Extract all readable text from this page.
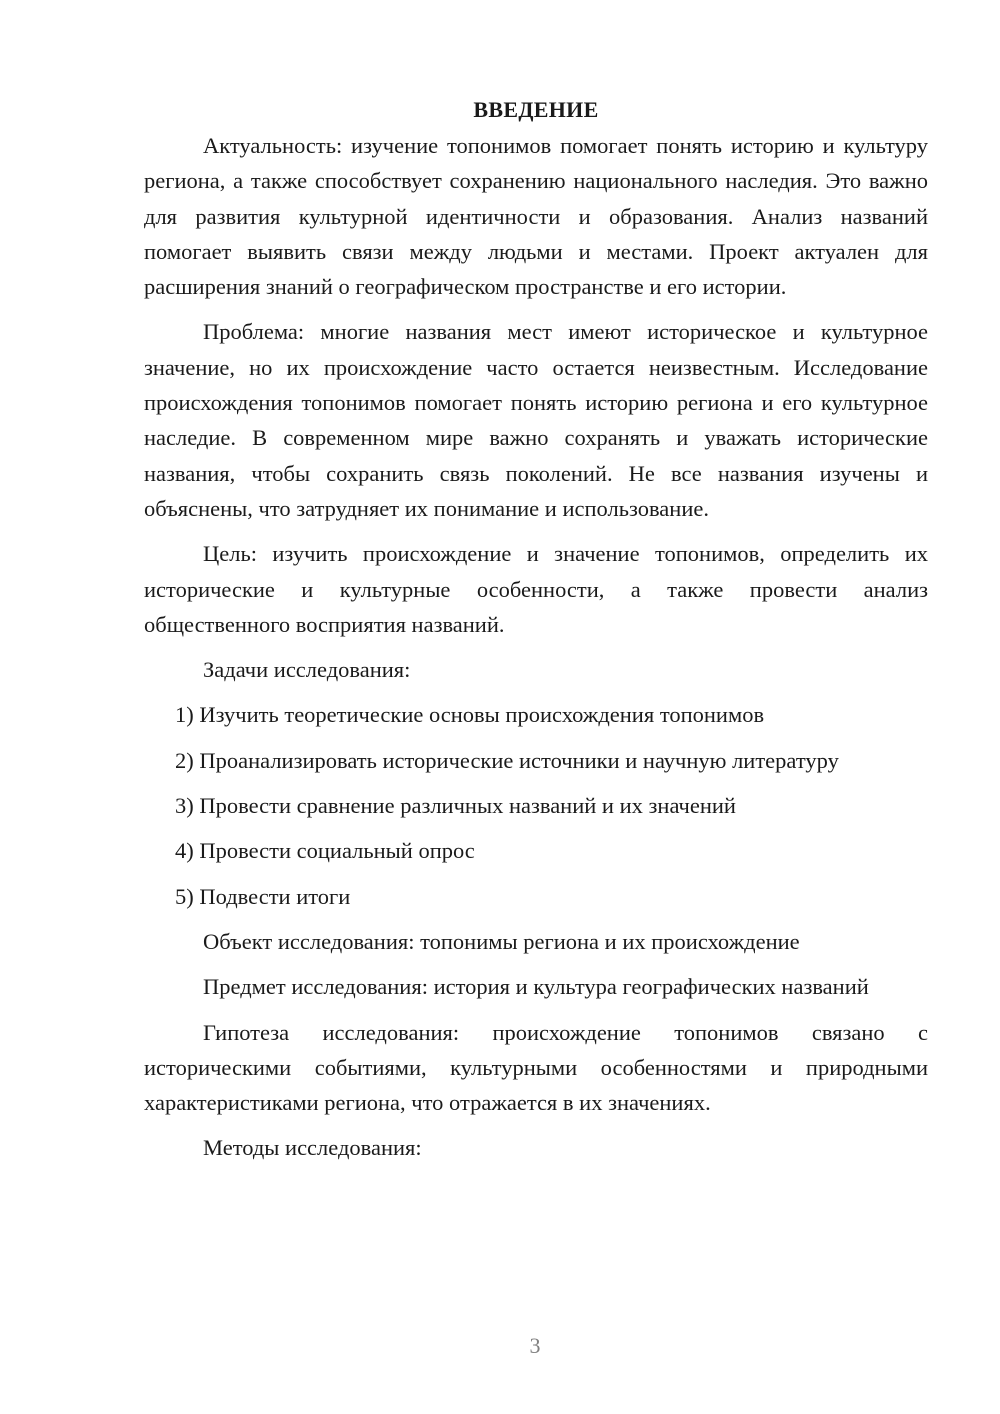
ВВЕДЕНИЕ

Актуальность: изучение топонимов помогает понять историю и культуру региона, а также способствует сохранению национального наследия. Это важно для развития культурной идентичности и образования. Анализ названий помогает выявить связи между людьми и местами. Проект актуален для расширения знаний о географическом пространстве и его истории.

Проблема: многие названия мест имеют историческое и культурное значение, но их происхождение часто остается неизвестным. Исследование происхождения топонимов помогает понять историю региона и его культурное наследие. В современном мире важно сохранять и уважать исторические названия, чтобы сохранить связь поколений. Не все названия изучены и объяснены, что затрудняет их понимание и использование.

Цель: изучить происхождение и значение топонимов, определить их исторические и культурные особенности, а также провести анализ общественного восприятия названий.

Задачи исследования:

1) Изучить теоретические основы происхождения топонимов
2) Проанализировать исторические источники и научную литературу
3) Провести сравнение различных названий и их значений
4) Провести социальный опрос
5) Подвести итоги

Объект исследования: топонимы региона и их происхождение

Предмет исследования: история и культура географических названий

Гипотеза исследования: происхождение топонимов связано с историческими событиями, культурными особенностями и природными характеристиками региона, что отражается в их значениях.

Методы исследования:

3
